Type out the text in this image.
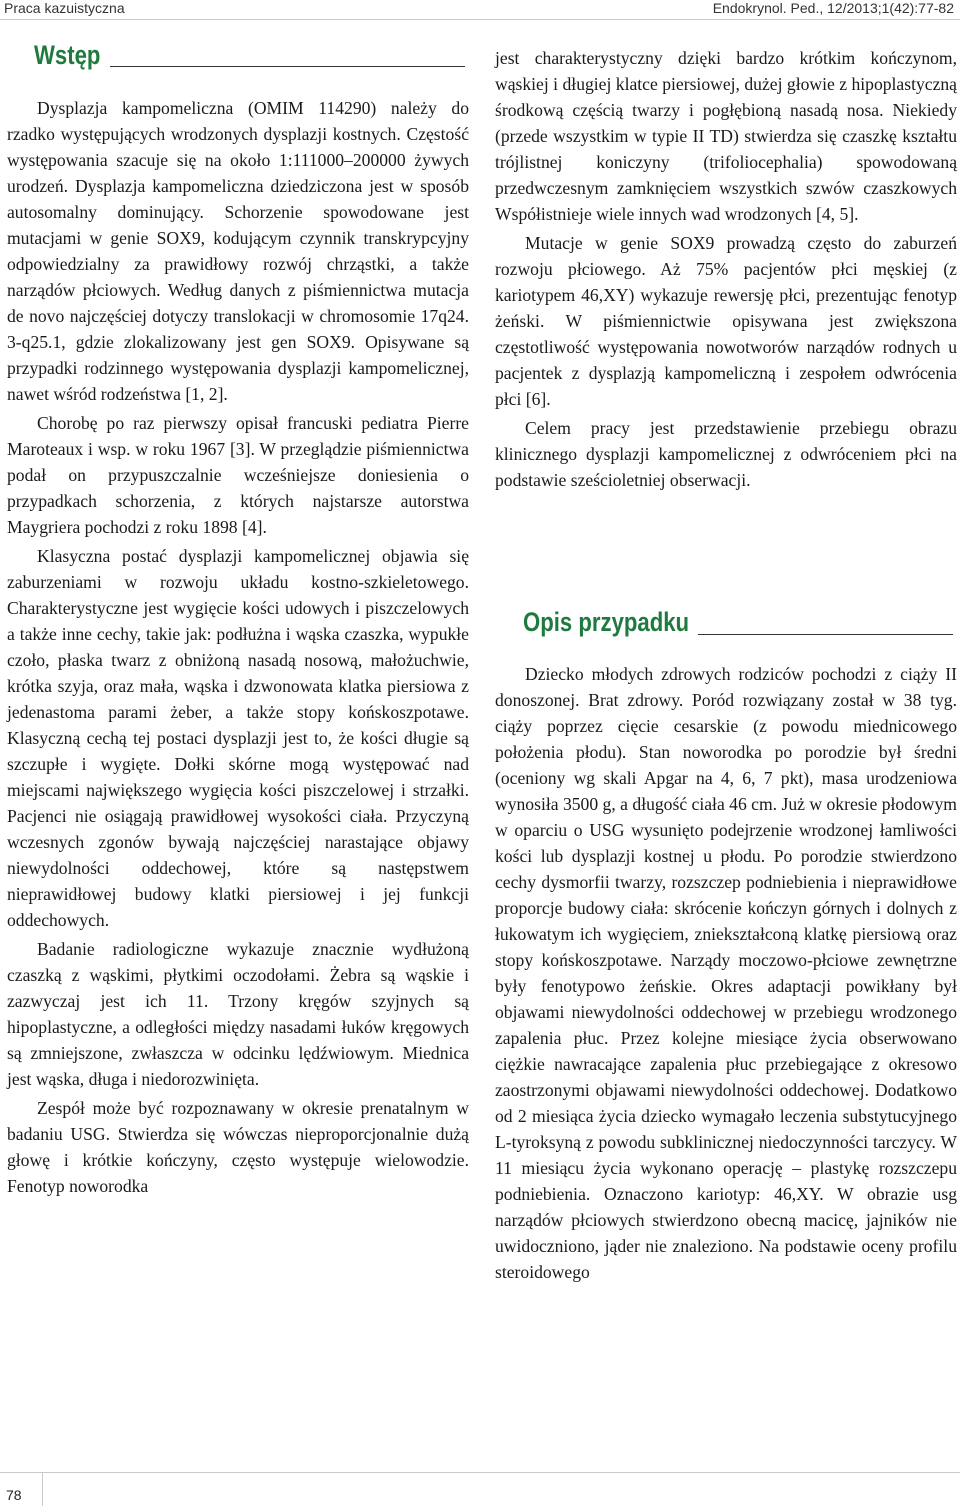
Praca kazuistyczna	Endokrynol. Ped., 12/2013;1(42):77-82
Wstęp

Dysplazja kampomeliczna (OMIM 114290) należy do rzadko występujących wrodzonych dysplazji kostnych. Częstość występowania szacuje się na około 1:111000–200000 żywych urodzeń. Dysplazja kampomeliczna dziedziczona jest w sposób autosomalny dominujący. Schorzenie spowodowane jest mutacjami w genie SOX9, kodującym czynnik transkrypcyjny odpowiedzialny za prawidłowy rozwój chrząstki, a także narządów płciowych. Według danych z piśmiennictwa mutacja de novo najczęściej dotyczy translokacji w chromosomie 17q24. 3-q25.1, gdzie zlokalizowany jest gen SOX9. Opisywane są przypadki rodzinnego występowania dysplazji kampomelicznej, nawet wśród rodzeństwa [1, 2].

Chorobę po raz pierwszy opisał francuski pediatra Pierre Maroteaux i wsp. w roku 1967 [3]. W przeglądzie piśmiennictwa podał on przypuszczalnie wcześniejsze doniesienia o przypadkach schorzenia, z których najstarsze autorstwa Maygriera pochodzi z roku 1898 [4].

Klasyczna postać dysplazji kampomelicznej objawia się zaburzeniami w rozwoju układu kostno-szkieletowego. Charakterystyczne jest wygięcie kości udowych i piszczelowych a także inne cechy, takie jak: podłużna i wąska czaszka, wypukłe czoło, płaska twarz z obniżoną nasadą nosową, małożuchwie, krótka szyja, oraz mała, wąska i dzwonowata klatka piersiowa z jedenastoma parami żeber, a także stopy końskoszpotawe. Klasyczną cechą tej postaci dysplazji jest to, że kości długie są szczupłe i wygięte. Dołki skórne mogą występować nad miejscami największego wygięcia kości piszczelowej i strzałki. Pacjenci nie osiągają prawidłowej wysokości ciała. Przyczyną wczesnych zgonów bywają najczęściej narastające objawy niewydolności oddechowej, które są następstwem nieprawidłowej budowy klatki piersiowej i jej funkcji oddechowych.

Badanie radiologiczne wykazuje znacznie wydłużoną czaszką z wąskimi, płytkimi oczodołami. Żebra są wąskie i zazwyczaj jest ich 11. Trzony kręgów szyjnych są hipoplastyczne, a odległości między nasadami łuków kręgowych są zmniejszone, zwłaszcza w odcinku lędźwiowym. Miednica jest wąska, długa i niedorozwinięta.

Zespół może być rozpoznawany w okresie prenatalnym w badaniu USG. Stwierdza się wówczas nieproporcjonalnie dużą głowę i krótkie kończyny, często występuje wielowodzie. Fenotyp noworodka

jest charakterystyczny dzięki bardzo krótkim kończynom, wąskiej i długiej klatce piersiowej, dużej głowie z hipoplastyczną środkową częścią twarzy i pogłębioną nasadą nosa. Niekiedy (przede wszystkim w typie II TD) stwierdza się czaszkę kształtu trójlistnej koniczyny (trifoliocephalia) spowodowaną przedwczesnym zamknięciem wszystkich szwów czaszkowych Współistnieje wiele innych wad wrodzonych [4, 5].

Mutacje w genie SOX9 prowadzą często do zaburzeń rozwoju płciowego. Aż 75% pacjentów płci męskiej (z kariotypem 46,XY) wykazuje rewersję płci, prezentując fenotyp żeński. W piśmiennictwie opisywana jest zwiększona częstotliwość występowania nowotworów narządów rodnych u pacjentek z dysplazją kampomeliczną i zespołem odwrócenia płci [6].

Celem pracy jest przedstawienie przebiegu obrazu klinicznego dysplazji kampomelicznej z odwróceniem płci na podstawie sześcioletniej obserwacji.

Opis przypadku

Dziecko młodych zdrowych rodziców pochodzi z ciąży II donoszonej. Brat zdrowy. Poród rozwiązany został w 38 tyg. ciąży poprzez cięcie cesarskie (z powodu miednicowego położenia płodu). Stan noworodka po porodzie był średni (oceniony wg skali Apgar na 4, 6, 7 pkt), masa urodzeniowa wynosiła 3500 g, a długość ciała 46 cm. Już w okresie płodowym w oparciu o USG wysunięto podejrzenie wrodzonej łamliwości kości lub dysplazji kostnej u płodu. Po porodzie stwierdzono cechy dysmorfii twarzy, rozszczep podniebienia i nieprawidłowe proporcje budowy ciała: skrócenie kończyn górnych i dolnych z łukowatym ich wygięciem, zniekształconą klatkę piersiową oraz stopy końskoszpotawe. Narządy moczowo-płciowe zewnętrzne były fenotypowo żeńskie. Okres adaptacji powikłany był objawami niewydolności oddechowej w przebiegu wrodzonego zapalenia płuc. Przez kolejne miesiące życia obserwowano ciężkie nawracające zapalenia płuc przebiegające z okresowo zaostrzonymi objawami niewydolności oddechowej. Dodatkowo od 2 miesiąca życia dziecko wymagało leczenia substytucyjnego L-tyroksyną z powodu subklinicznej niedoczynności tarczycy. W 11 miesiącu życia wykonano operację – plastykę rozszczepu podniebienia. Oznaczono kariotyp: 46,XY. W obrazie usg narządów płciowych stwierdzono obecną macicę, jajników nie uwidoczniono, jąder nie znaleziono. Na podstawie oceny profilu steroidowego

78
